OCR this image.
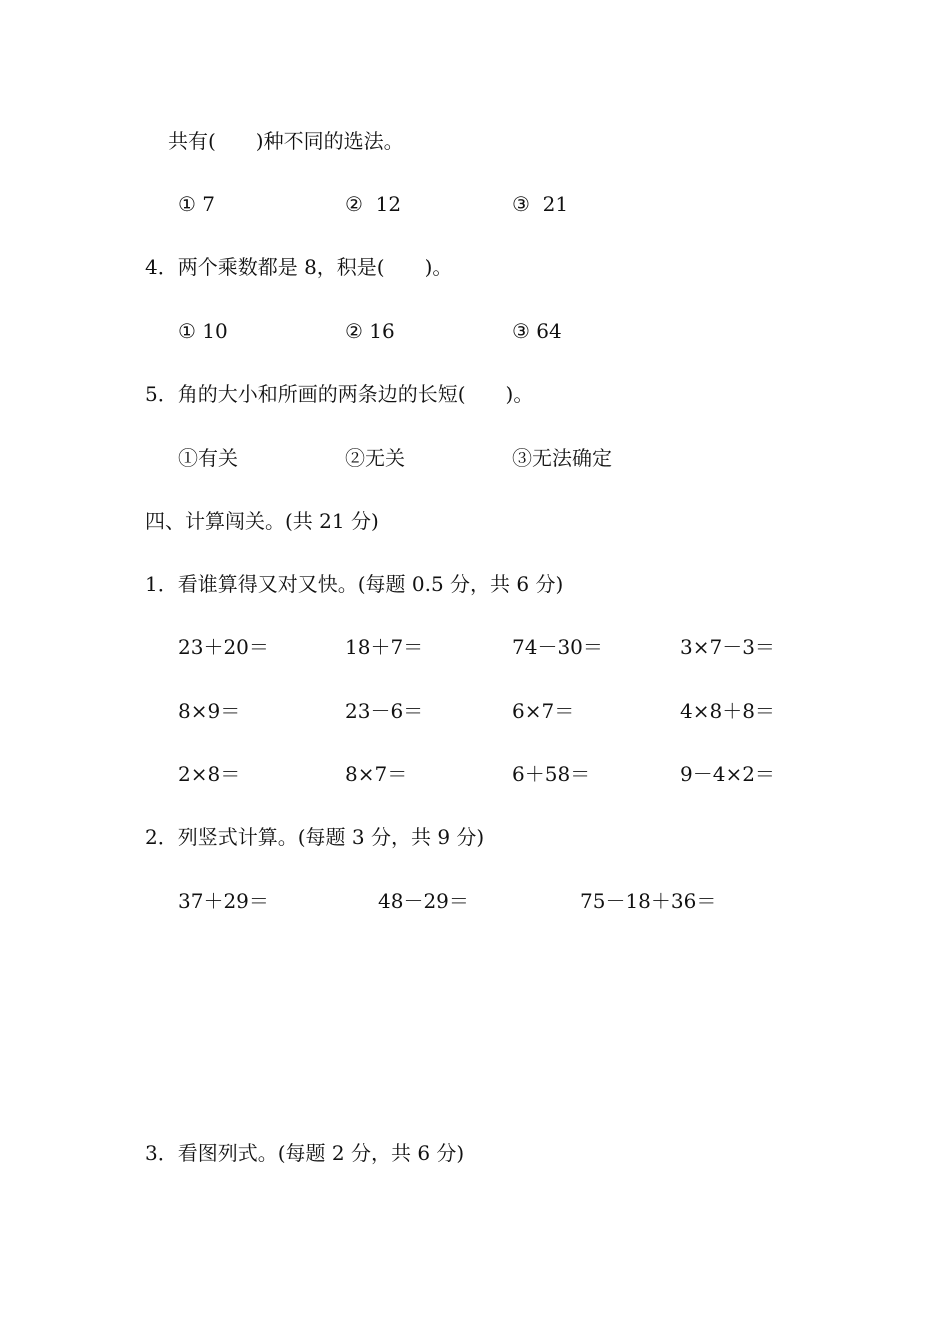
共有(　　)种不同的选法。
① 7	②  12	③  21
4．两个乘数都是 8，积是(　　)。
① 10	② 16	③ 64
5．角的大小和所画的两条边的长短(　　)。
①有关	②无关	③无法确定
四、计算闯关。(共 21 分)
1．看谁算得又对又快。(每题 0.5 分，共 6 分)
23＋20＝	18＋7＝	74－30＝	3×7－3＝
8×9＝	23－6＝	6×7＝	4×8＋8＝
2×8＝	8×7＝	6＋58＝	9－4×2＝
2．列竖式计算。(每题 3 分，共 9 分)
37＋29＝	48－29＝	75－18＋36＝
3．看图列式。(每题 2 分，共 6 分)
